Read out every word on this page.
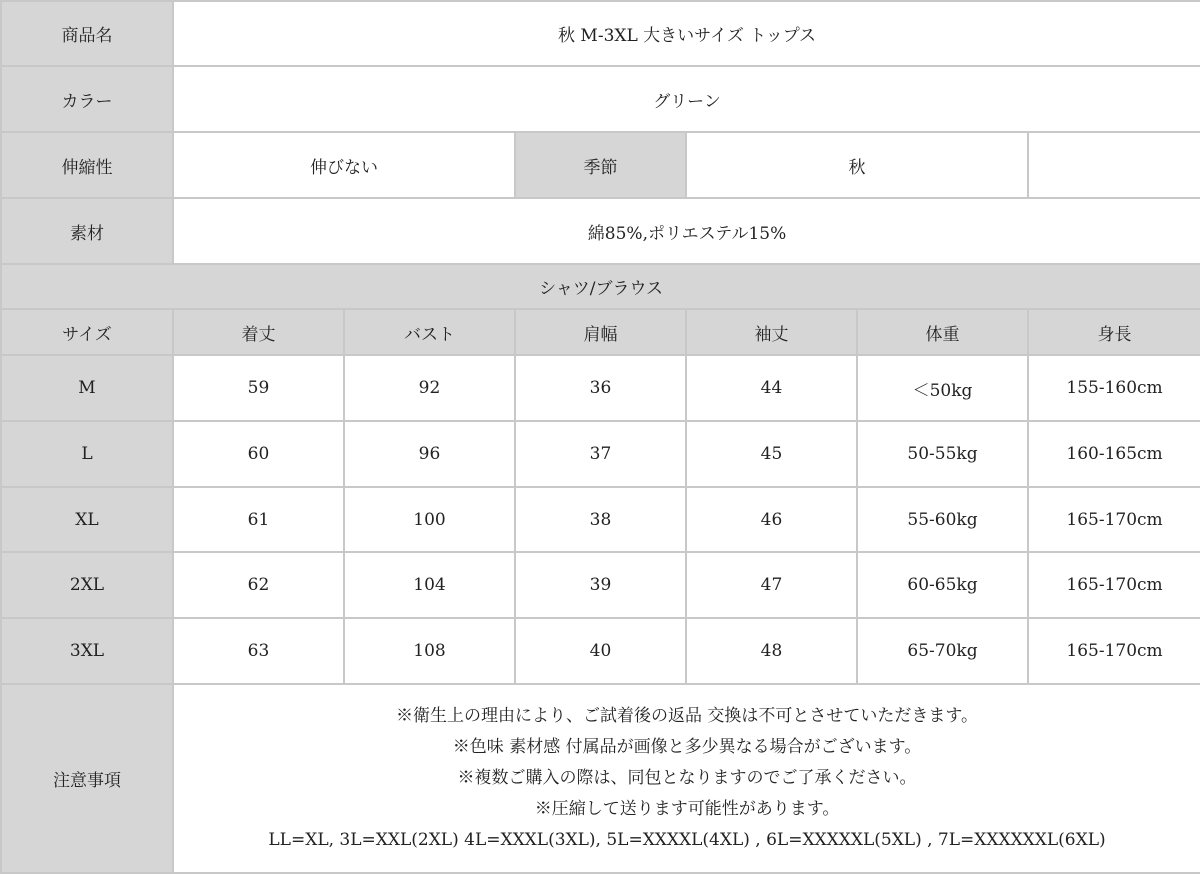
商品名	秋 M-3XL 大きいサイズ トップス					
カラー	グリーン					
伸縮性	伸びない		季節	秋		
素材	綿85%,ポリエステル15%					
シャツ/ブラウス						
サイズ	着丈	バスト	肩幅	袖丈	体重	身長
M	59	92	36	44	＜50kg	155-160cm
L	60	96	37	45	50-55kg	160-165cm
XL	61	100	38	46	55-60kg	165-170cm
2XL	62	104	39	47	60-65kg	165-170cm
3XL	63	108	40	48	65-70kg	165-170cm
注意事項	※衛生上の理由により、ご試着後の返品 交換は不可とさせていただきます。
※色味 素材感 付属品が画像と多少異なる場合がございます。
※複数ご購入の際は、同包となりますのでご了承ください。
※圧縮して送ります可能性があります。
LL=XL, 3L=XXL(2XL) 4L=XXXL(3XL), 5L=XXXXL(4XL) , 6L=XXXXXL(5XL) , 7L=XXXXXXL(6XL)					
